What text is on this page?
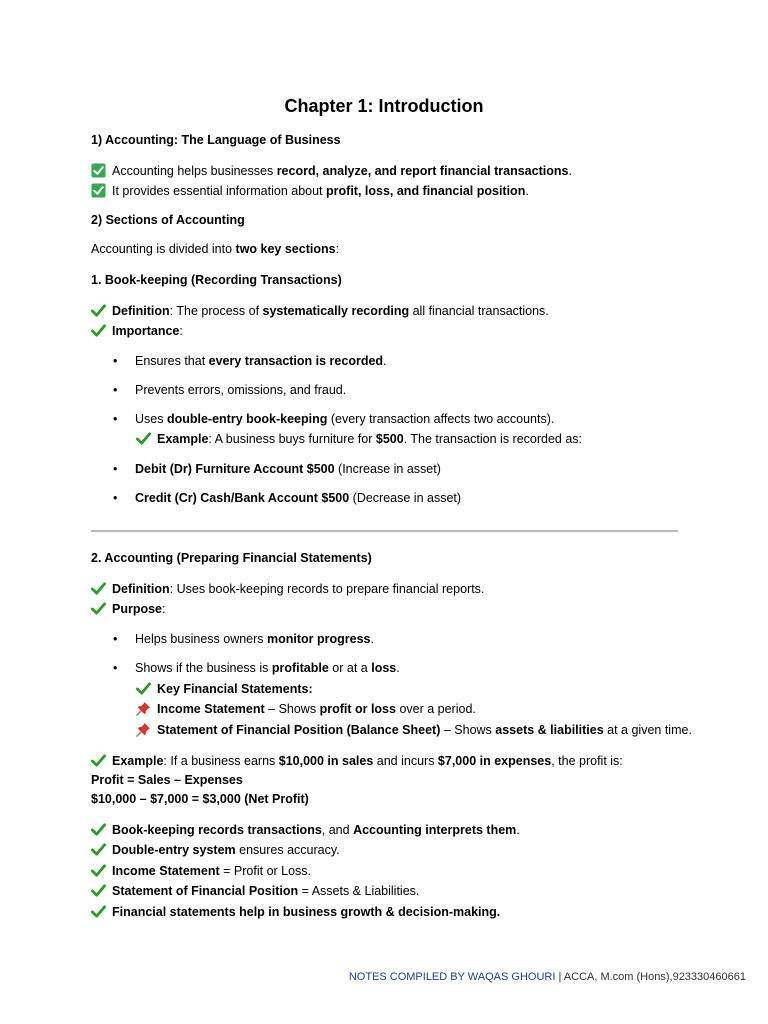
Chapter 1: Introduction
1) Accounting: The Language of Business
Accounting helps businesses record, analyze, and report financial transactions.
It provides essential information about profit, loss, and financial position.
2) Sections of Accounting
Accounting is divided into two key sections:
1. Book-keeping (Recording Transactions)
Definition: The process of systematically recording all financial transactions.
Importance:
• Ensures that every transaction is recorded.
• Prevents errors, omissions, and fraud.
• Uses double-entry book-keeping (every transaction affects two accounts).
Example: A business buys furniture for $500. The transaction is recorded as:
• Debit (Dr) Furniture Account $500 (Increase in asset)
• Credit (Cr) Cash/Bank Account $500 (Decrease in asset)
2. Accounting (Preparing Financial Statements)
Definition: Uses book-keeping records to prepare financial reports.
Purpose:
• Helps business owners monitor progress.
• Shows if the business is profitable or at a loss.
Key Financial Statements:
Income Statement – Shows profit or loss over a period.
Statement of Financial Position (Balance Sheet) – Shows assets & liabilities at a given time.
Example: If a business earns $10,000 in sales and incurs $7,000 in expenses, the profit is:
Profit = Sales – Expenses
$10,000 – $7,000 = $3,000 (Net Profit)
Book-keeping records transactions, and Accounting interprets them.
Double-entry system ensures accuracy.
Income Statement = Profit or Loss.
Statement of Financial Position = Assets & Liabilities.
Financial statements help in business growth & decision-making.
NOTES COMPILED BY WAQAS GHOURI | ACCA, M.com (Hons),923330460661
